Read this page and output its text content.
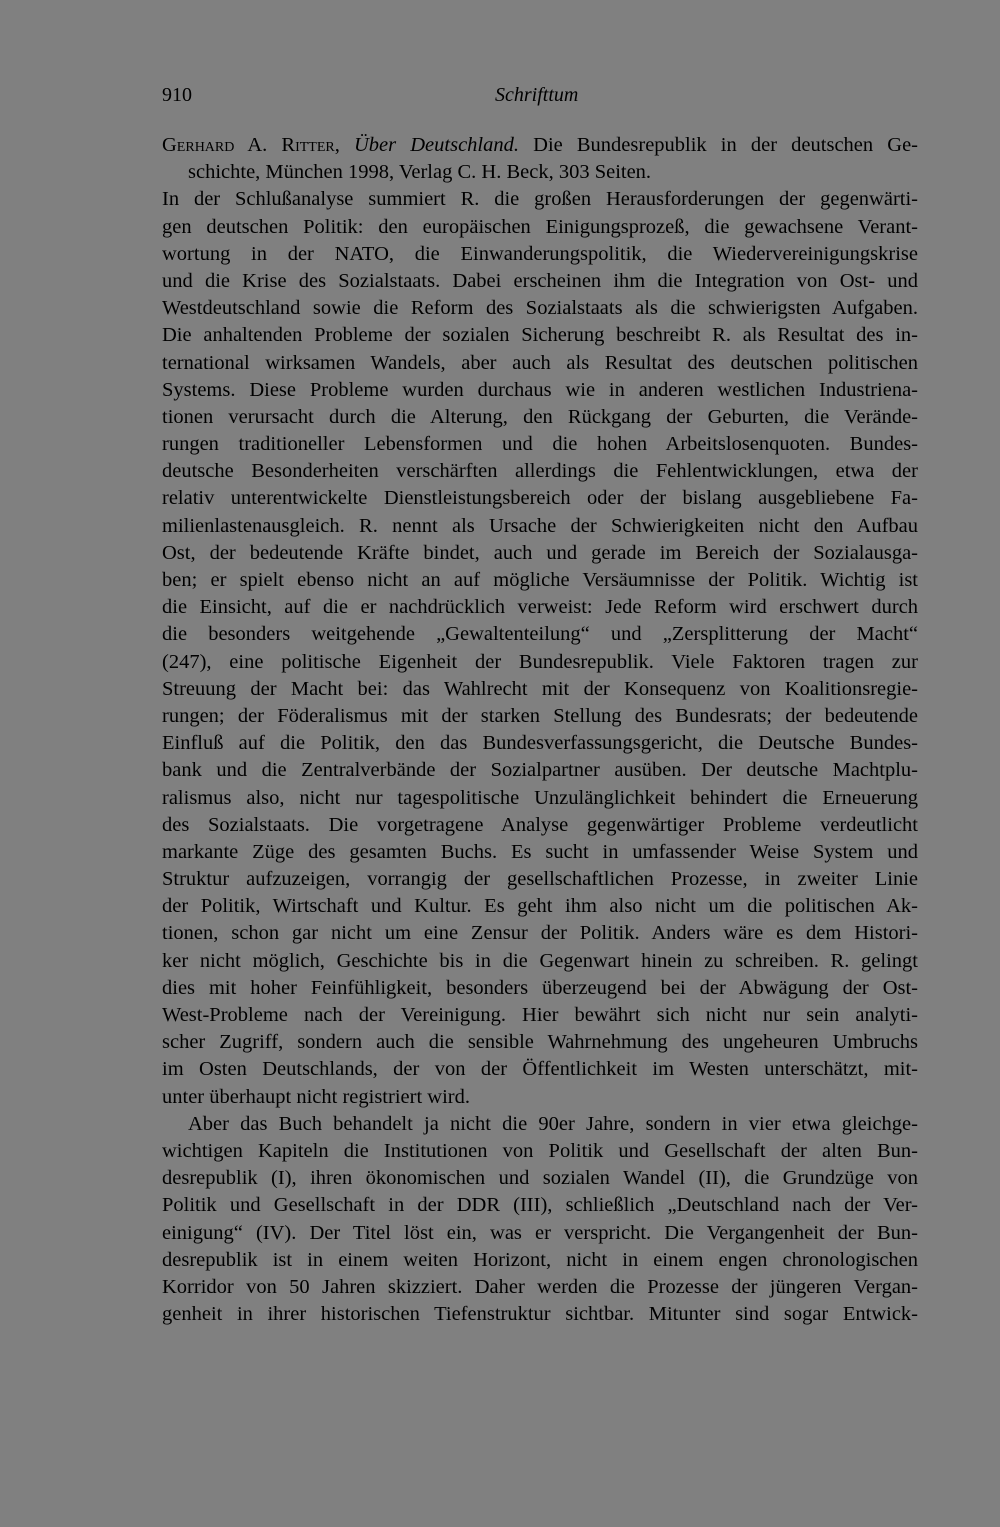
910	Schrifttum
Gerhard A. Ritter, Über Deutschland. Die Bundesrepublik in der deutschen Ge-
schichte, München 1998, Verlag C. H. Beck, 303 Seiten.
In der Schlußanalyse summiert R. die großen Herausforderungen der gegenwärti-
gen deutschen Politik: den europäischen Einigungsprozeß, die gewachsene Verant-
wortung in der NATO, die Einwanderungspolitik, die Wiedervereinigungskrise
und die Krise des Sozialstaats. Dabei erscheinen ihm die Integration von Ost- und
Westdeutschland sowie die Reform des Sozialstaats als die schwierigsten Aufgaben.
Die anhaltenden Probleme der sozialen Sicherung beschreibt R. als Resultat des in-
ternational wirksamen Wandels, aber auch als Resultat des deutschen politischen
Systems. Diese Probleme wurden durchaus wie in anderen westlichen Industriena-
tionen verursacht durch die Alterung, den Rückgang der Geburten, die Verände-
rungen traditioneller Lebensformen und die hohen Arbeitslosenquoten. Bundes-
deutsche Besonderheiten verschärften allerdings die Fehlentwicklungen, etwa der
relativ unterentwickelte Dienstleistungsbereich oder der bislang ausgebliebene Fa-
milienlastenausgleich. R. nennt als Ursache der Schwierigkeiten nicht den Aufbau
Ost, der bedeutende Kräfte bindet, auch und gerade im Bereich der Sozialausga-
ben; er spielt ebenso nicht an auf mögliche Versäumnisse der Politik. Wichtig ist
die Einsicht, auf die er nachdrücklich verweist: Jede Reform wird erschwert durch
die besonders weitgehende „Gewaltenteilung“ und „Zersplitterung der Macht“
(247), eine politische Eigenheit der Bundesrepublik. Viele Faktoren tragen zur
Streuung der Macht bei: das Wahlrecht mit der Konsequenz von Koalitionsregie-
rungen; der Föderalismus mit der starken Stellung des Bundesrats; der bedeutende
Einfluß auf die Politik, den das Bundesverfassungsgericht, die Deutsche Bundes-
bank und die Zentralverbände der Sozialpartner ausüben. Der deutsche Machtplu-
ralismus also, nicht nur tagespolitische Unzulänglichkeit behindert die Erneuerung
des Sozialstaats. Die vorgetragene Analyse gegenwärtiger Probleme verdeutlicht
markante Züge des gesamten Buchs. Es sucht in umfassender Weise System und
Struktur aufzuzeigen, vorrangig der gesellschaftlichen Prozesse, in zweiter Linie
der Politik, Wirtschaft und Kultur. Es geht ihm also nicht um die politischen Ak-
tionen, schon gar nicht um eine Zensur der Politik. Anders wäre es dem Histori-
ker nicht möglich, Geschichte bis in die Gegenwart hinein zu schreiben. R. gelingt
dies mit hoher Feinfühligkeit, besonders überzeugend bei der Abwägung der Ost-
West-Probleme nach der Vereinigung. Hier bewährt sich nicht nur sein analyti-
scher Zugriff, sondern auch die sensible Wahrnehmung des ungeheuren Umbruchs
im Osten Deutschlands, der von der Öffentlichkeit im Westen unterschätzt, mit-
unter überhaupt nicht registriert wird.
Aber das Buch behandelt ja nicht die 90er Jahre, sondern in vier etwa gleichge-
wichtigen Kapiteln die Institutionen von Politik und Gesellschaft der alten Bun-
desrepublik (I), ihren ökonomischen und sozialen Wandel (II), die Grundzüge von
Politik und Gesellschaft in der DDR (III), schließlich „Deutschland nach der Ver-
einigung“ (IV). Der Titel löst ein, was er verspricht. Die Vergangenheit der Bun-
desrepublik ist in einem weiten Horizont, nicht in einem engen chronologischen
Korridor von 50 Jahren skizziert. Daher werden die Prozesse der jüngeren Vergan-
genheit in ihrer historischen Tiefenstruktur sichtbar. Mitunter sind sogar Entwick-
